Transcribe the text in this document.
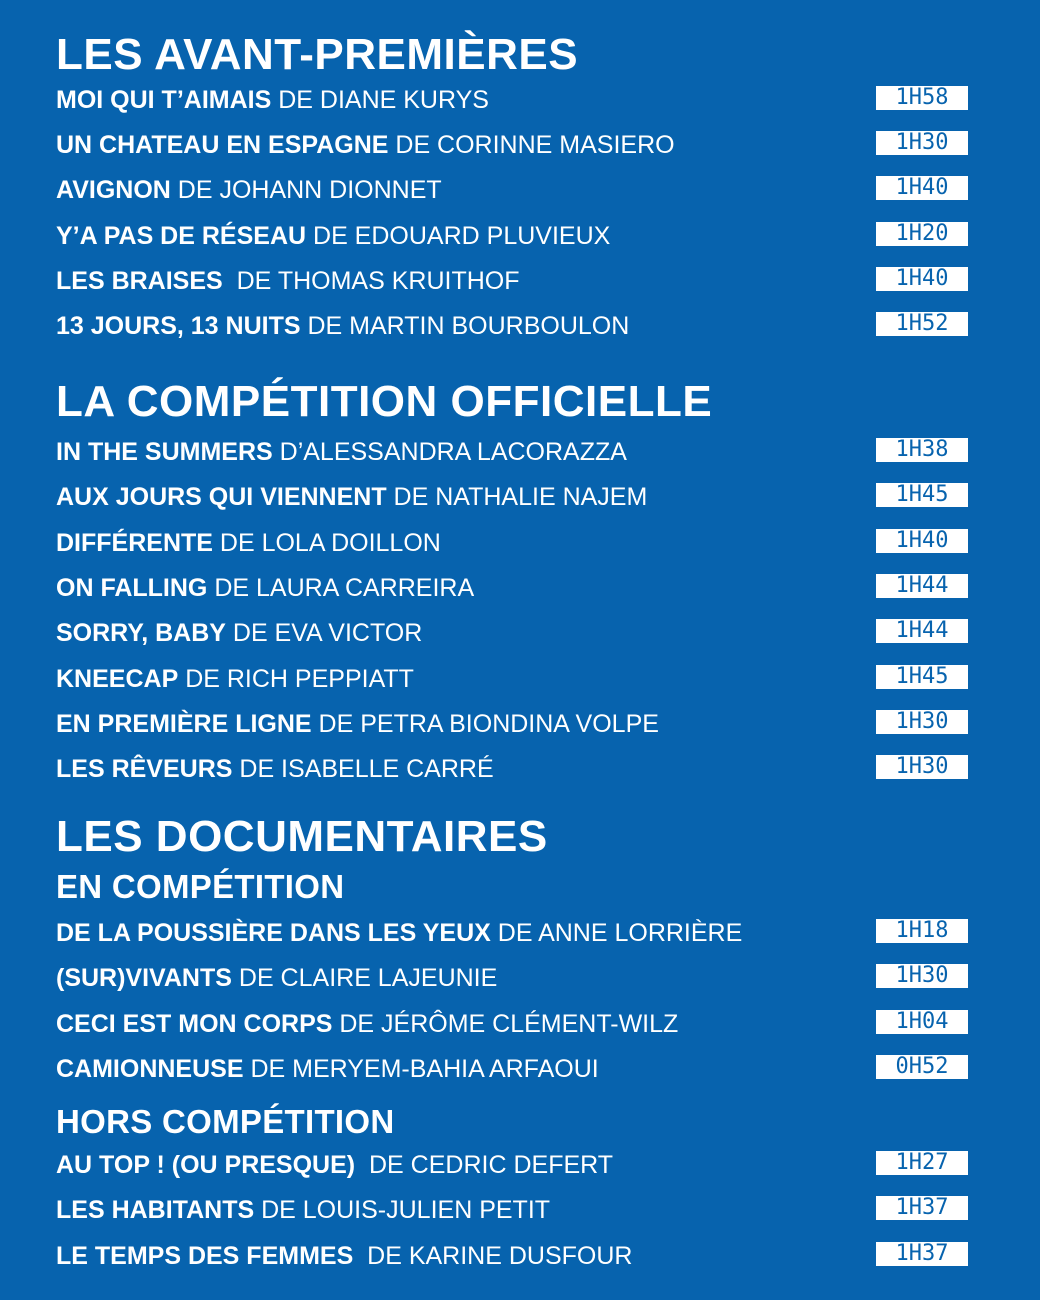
LES AVANT-PREMIÈRES
MOI QUI T’AIMAIS DE DIANE KURYS	1H58
UN CHATEAU EN ESPAGNE DE CORINNE MASIERO	1H30
AVIGNON DE JOHANN DIONNET	1H40
Y’A PAS DE RÉSEAU DE EDOUARD PLUVIEUX	1H20
LES BRAISES  DE THOMAS KRUITHOF	1H40
13 JOURS, 13 NUITS DE MARTIN BOURBOULON	1H52
LA COMPÉTITION OFFICIELLE
IN THE SUMMERS D’ALESSANDRA LACORAZZA	1H38
AUX JOURS QUI VIENNENT DE NATHALIE NAJEM	1H45
DIFFÉRENTE DE LOLA DOILLON	1H40
ON FALLING DE LAURA CARREIRA	1H44
SORRY, BABY DE EVA VICTOR	1H44
KNEECAP DE RICH PEPPIATT	1H45
EN PREMIÈRE LIGNE DE PETRA BIONDINA VOLPE	1H30
LES RÊVEURS DE ISABELLE CARRÉ	1H30
LES DOCUMENTAIRES
EN COMPÉTITION
DE LA POUSSIÈRE DANS LES YEUX DE ANNE LORRIÈRE	1H18
(SUR)VIVANTS DE CLAIRE LAJEUNIE	1H30
CECI EST MON CORPS DE JÉRÔME CLÉMENT-WILZ	1H04
CAMIONNEUSE DE MERYEM-BAHIA ARFAOUI	0H52
HORS COMPÉTITION
AU TOP ! (OU PRESQUE)  DE CEDRIC DEFERT	1H27
LES HABITANTS DE LOUIS-JULIEN PETIT	1H37
LE TEMPS DES FEMMES  DE KARINE DUSFOUR	1H37
